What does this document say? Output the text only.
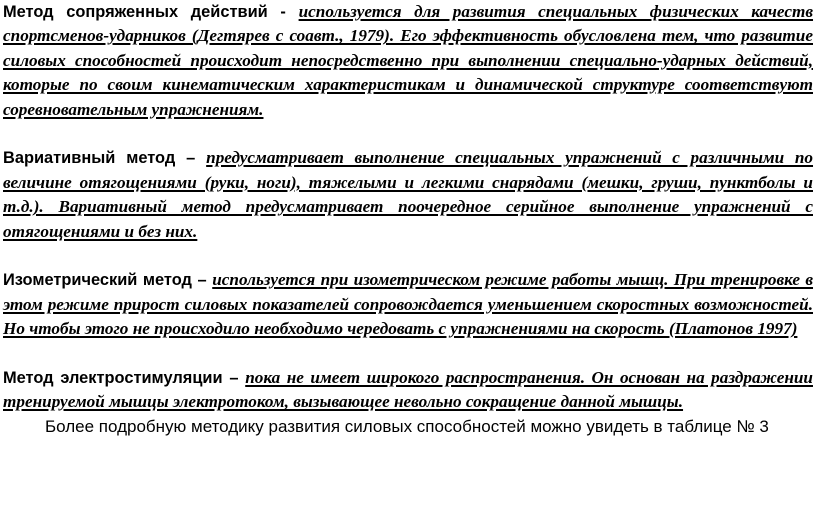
Метод сопряженных действий - используется для развития специальных физических качеств спортсменов-ударников (Дегтярев с соавт., 1979). Его эффективность обусловлена тем, что развитие силовых способностей происходит непосредственно при выполнении специально-ударных действий, которые по своим кинематическим характеристикам и динамической структуре соответствуют соревновательным упражнениям.

Вариативный метод – предусматривает выполнение специальных упражнений с различными по величине отягощениями (руки, ноги), тяжелыми и легкими снарядами (мешки, груши, пунктболы и т.д.). Вариативный метод предусматривает поочередное серийное выполнение упражнений с отягощениями и без них.

Изометрический метод – используется при изометрическом режиме работы мышц. При тренировке в этом режиме прирост силовых показателей сопровождается уменьшением скоростных возможностей. Но чтобы этого не происходило необходимо чередовать с упражнениями на скорость (Платонов 1997)

Метод электростимуляции – пока не имеет широкого распространения. Он основан на раздражении тренируемой мышцы электротоком, вызывающее невольно сокращение данной мышцы.

Более подробную методику развития силовых способностей можно увидеть в таблице № 3
